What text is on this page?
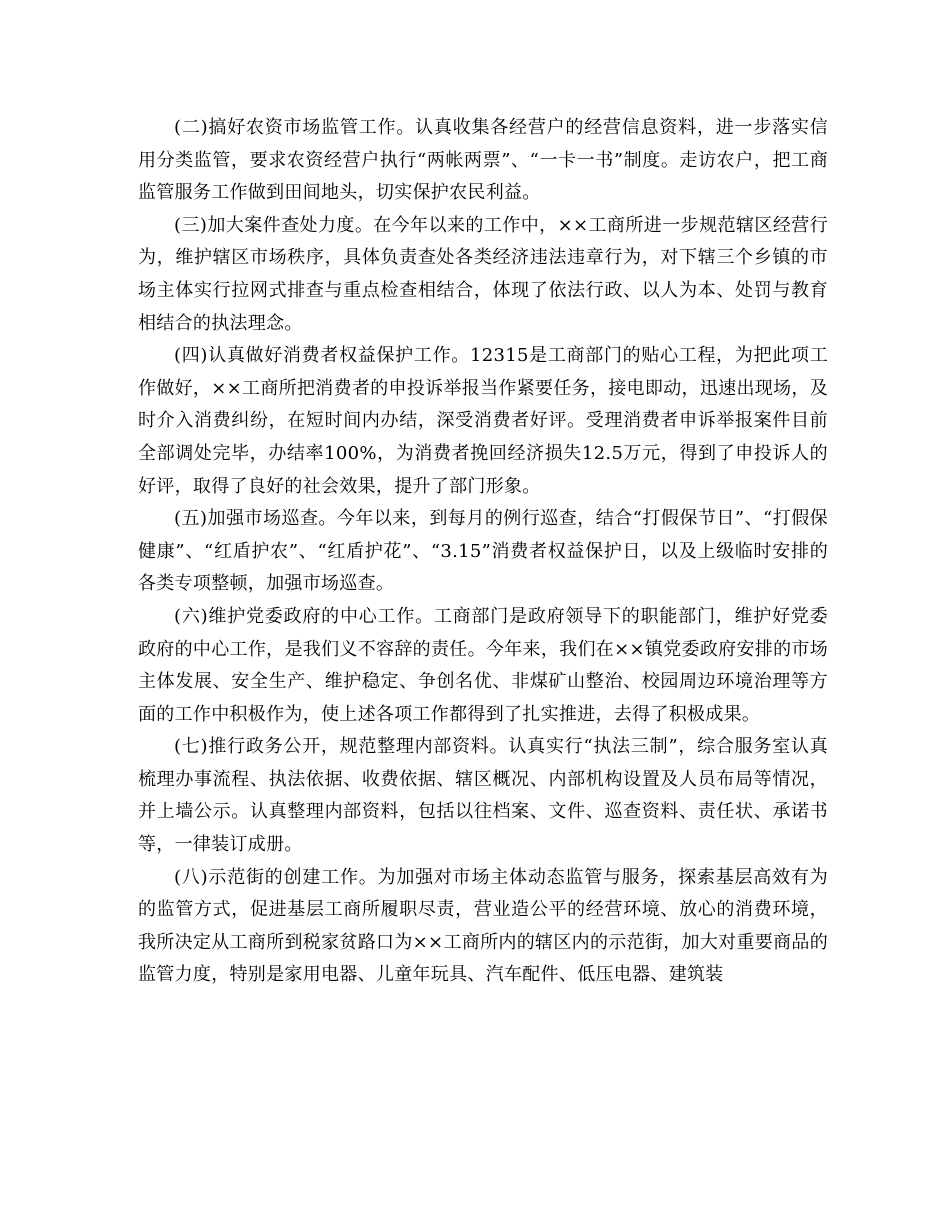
(二)搞好农资市场监管工作。认真收集各经营户的经营信息资料，进一步落实信用分类监管，要求农资经营户执行“两帐两票”、“一卡一书”制度。走访农户，把工商监管服务工作做到田间地头，切实保护农民利益。

(三)加大案件查处力度。在今年以来的工作中，××工商所进一步规范辖区经营行为，维护辖区市场秩序，具体负责查处各类经济违法违章行为，对下辖三个乡镇的市场主体实行拉网式排查与重点检查相结合，体现了依法行政、以人为本、处罚与教育相结合的执法理念。

(四)认真做好消费者权益保护工作。12315是工商部门的贴心工程，为把此项工作做好，××工商所把消费者的申投诉举报当作紧要任务，接电即动，迅速出现场，及时介入消费纠纷，在短时间内办结，深受消费者好评。受理消费者申诉举报案件目前全部调处完毕，办结率100%，为消费者挽回经济损失12.5万元，得到了申投诉人的好评，取得了良好的社会效果，提升了部门形象。

(五)加强市场巡查。今年以来，到每月的例行巡查，结合“打假保节日”、“打假保健康”、“红盾护农”、“红盾护花”、“3.15”消费者权益保护日，以及上级临时安排的各类专项整顿，加强市场巡查。

(六)维护党委政府的中心工作。工商部门是政府领导下的职能部门，维护好党委政府的中心工作，是我们义不容辞的责任。今年来，我们在××镇党委政府安排的市场主体发展、安全生产、维护稳定、争创名优、非煤矿山整治、校园周边环境治理等方面的工作中积极作为，使上述各项工作都得到了扎实推进，去得了积极成果。

(七)推行政务公开，规范整理内部资料。认真实行“执法三制”，综合服务室认真梳理办事流程、执法依据、收费依据、辖区概况、内部机构设置及人员布局等情况，并上墙公示。认真整理内部资料，包括以往档案、文件、巡查资料、责任状、承诺书等，一律装订成册。

(八)示范街的创建工作。为加强对市场主体动态监管与服务，探索基层高效有为的监管方式，促进基层工商所履职尽责，营业造公平的经营环境、放心的消费环境，我所决定从工商所到税家贫路口为××工商所内的辖区内的示范街，加大对重要商品的监管力度，特别是家用电器、儿童年玩具、汽车配件、低压电器、建筑装
